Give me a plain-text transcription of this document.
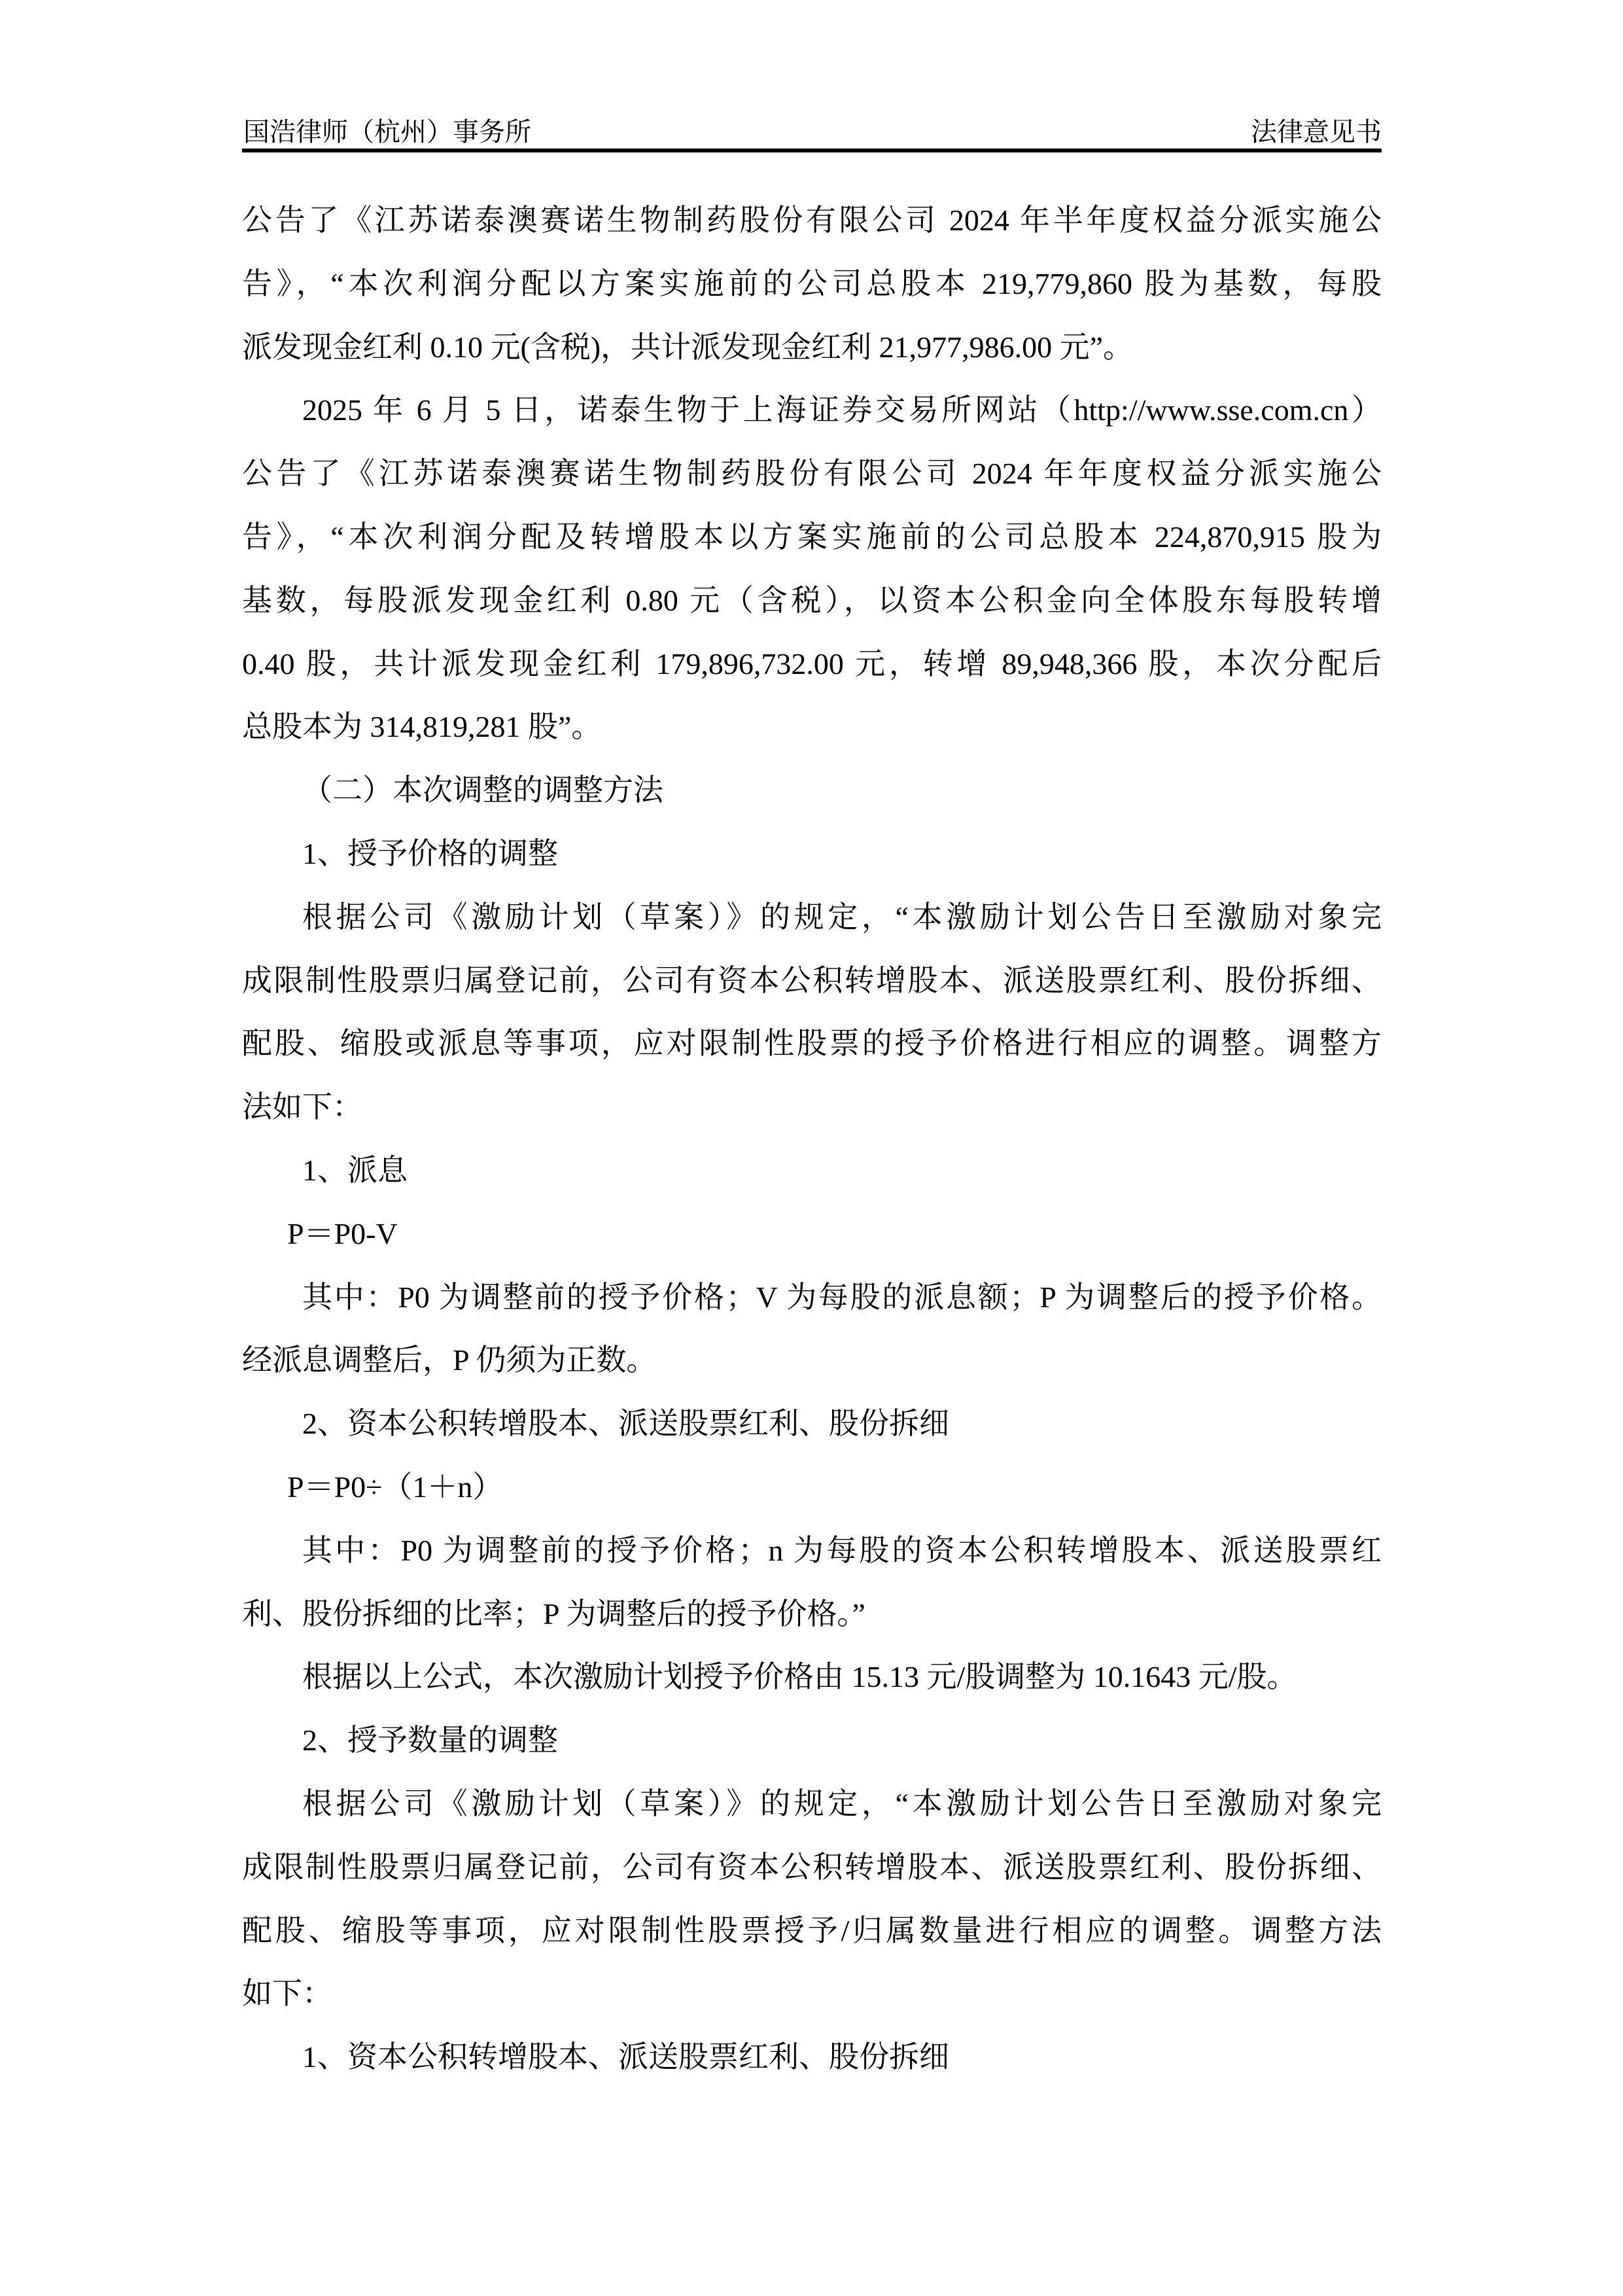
国浩律师（杭州）事务所	法律意见书
公告了《江苏诺泰澳赛诺生物制药股份有限公司 2024 年半年度权益分派实施公
告》，“本次利润分配以方案实施前的公司总股本 219,779,860 股为基数，每股
派发现金红利 0.10 元(含税)，共计派发现金红利 21,977,986.00 元”。
2025 年 6 月 5 日，诺泰生物于上海证券交易所网站（http://www.sse.com.cn）
公告了《江苏诺泰澳赛诺生物制药股份有限公司 2024 年年度权益分派实施公
告》，“本次利润分配及转增股本以方案实施前的公司总股本 224,870,915 股为
基数，每股派发现金红利 0.80 元（含税），以资本公积金向全体股东每股转增
0.40 股，共计派发现金红利 179,896,732.00 元，转增 89,948,366 股，本次分配后
总股本为 314,819,281 股”。
（二）本次调整的调整方法
1、授予价格的调整
根据公司《激励计划（草案）》的规定，“本激励计划公告日至激励对象完
成限制性股票归属登记前，公司有资本公积转增股本、派送股票红利、股份拆细、
配股、缩股或派息等事项，应对限制性股票的授予价格进行相应的调整。调整方
法如下：
1、派息
P＝P0-V
其中：P0 为调整前的授予价格；V 为每股的派息额；P 为调整后的授予价格。
经派息调整后，P 仍须为正数。
2、资本公积转增股本、派送股票红利、股份拆细
P＝P0÷（1＋n）
其中：P0 为调整前的授予价格；n 为每股的资本公积转增股本、派送股票红
利、股份拆细的比率；P 为调整后的授予价格。”
根据以上公式，本次激励计划授予价格由 15.13 元/股调整为 10.1643 元/股。
2、授予数量的调整
根据公司《激励计划（草案）》的规定，“本激励计划公告日至激励对象完
成限制性股票归属登记前，公司有资本公积转增股本、派送股票红利、股份拆细、
配股、缩股等事项，应对限制性股票授予/归属数量进行相应的调整。调整方法
如下：
1、资本公积转增股本、派送股票红利、股份拆细
